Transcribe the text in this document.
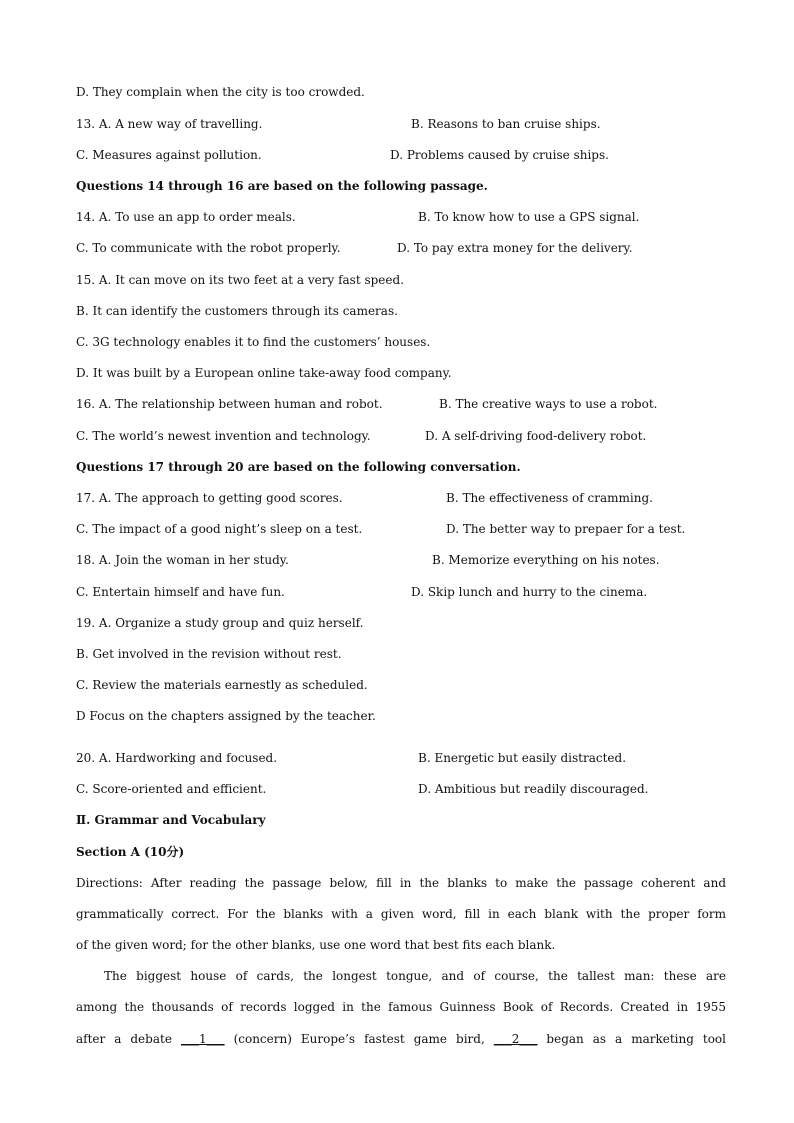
D. They complain when the city is too crowded.
13. A. A new way of travelling.	B. Reasons to ban cruise ships.
C. Measures against pollution.	D. Problems caused by cruise ships.
Questions 14 through 16 are based on the following passage.
14. A. To use an app to order meals.	B. To know how to use a GPS signal.
C. To communicate with the robot properly.	D. To pay extra money for the delivery.
15. A. It can move on its two feet at a very fast speed.
B. It can identify the customers through its cameras.
C. 3G technology enables it to find the customers’ houses.
D. It was built by a European online take-away food company.
16. A. The relationship between human and robot.	B. The creative ways to use a robot.
C. The world’s newest invention and technology.	D. A self-driving food-delivery robot.
Questions 17 through 20 are based on the following conversation.
17. A. The approach to getting good scores.	B. The effectiveness of cramming.
C. The impact of a good night’s sleep on a test.	D. The better way to prepaer for a test.
18. A. Join the woman in her study.	B. Memorize everything on his notes.
C. Entertain himself and have fun.	D. Skip lunch and hurry to the cinema.
19. A. Organize a study group and quiz herself.
B. Get involved in the revision without rest.
C. Review the materials earnestly as scheduled.
D Focus on the chapters assigned by the teacher.
20. A. Hardworking and focused.	B. Energetic but easily distracted.
C. Score-oriented and efficient.	D. Ambitious but readily discouraged.
Ⅱ. Grammar and Vocabulary
Section A (10分)
Directions: After reading the passage below, fill in the blanks to make the passage coherent and
grammatically correct. For the blanks with a given word, fill in each blank with the proper form
of the given word; for the other blanks, use one word that best fits each blank.
The biggest house of cards, the longest tongue, and of course, the tallest man: these are
among the thousands of records logged in the famous Guinness Book of Records. Created in 1955
after a debate ___1___ (concern) Europe’s fastest game bird, ___2___ began as a marketing tool
